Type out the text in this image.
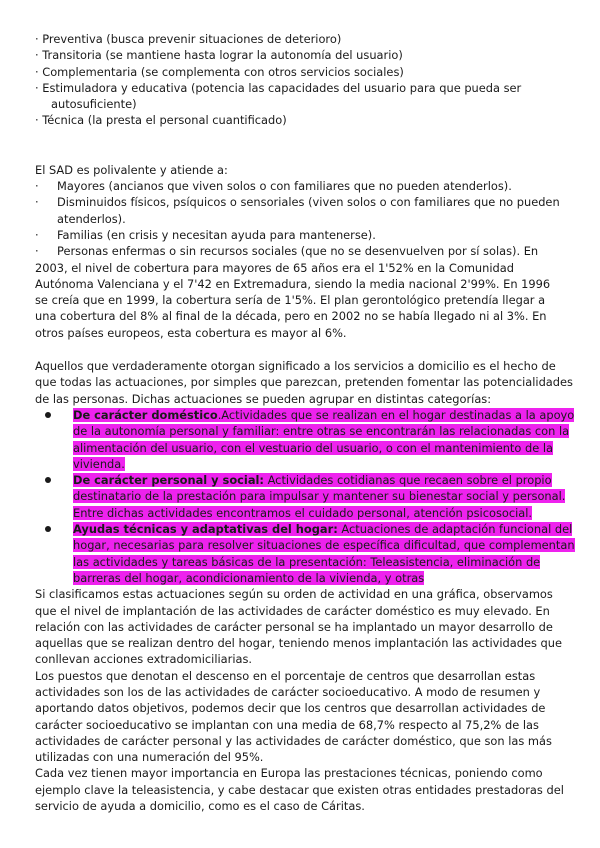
· Preventiva (busca prevenir situaciones de deterioro)
· Transitoria (se mantiene hasta lograr la autonomía del usuario)
· Complementaria (se complementa con otros servicios sociales)
· Estimuladora y educativa (potencia las capacidades del usuario para que pueda ser
autosuficiente)
· Técnica (la presta el personal cuantificado)
El SAD es polivalente y atiende a:
· Mayores (ancianos que viven solos o con familiares que no pueden atenderlos).
· Disminuidos físicos, psíquicos o sensoriales (viven solos o con familiares que no pueden
atenderlos).
· Familias (en crisis y necesitan ayuda para mantenerse).
· Personas enfermas o sin recursos sociales (que no se desenvuelven por sí solas). En
2003, el nivel de cobertura para mayores de 65 años era el 1'52% en la Comunidad
Autónoma Valenciana y el 7'42 en Extremadura, siendo la media nacional 2'99%. En 1996
se creía que en 1999, la cobertura sería de 1'5%. El plan gerontológico pretendía llegar a
una cobertura del 8% al final de la década, pero en 2002 no se había llegado ni al 3%. En
otros países europeos, esta cobertura es mayor al 6%.
Aquellos que verdaderamente otorgan significado a los servicios a domicilio es el hecho de
que todas las actuaciones, por simples que parezcan, pretenden fomentar las potencialidades
de las personas. Dichas actuaciones se pueden agrupar en distintas categorías:
De carácter doméstico.Actividades que se realizan en el hogar destinadas a la apoyo
de la autonomía personal y familiar: entre otras se encontrarán las relacionadas con la
alimentación del usuario, con el vestuario del usuario, o con el mantenimiento de la
vivienda.
De carácter personal y social: Actividades cotidianas que recaen sobre el propio
destinatario de la prestación para impulsar y mantener su bienestar social y personal.
Entre dichas actividades encontramos el cuidado personal, atención psicosocial.
Ayudas técnicas y adaptativas del hogar: Actuaciones de adaptación funcional del
hogar, necesarias para resolver situaciones de específica dificultad, que complementan
las actividades y tareas básicas de la presentación: Teleasistencia, eliminación de
barreras del hogar, acondicionamiento de la vivienda, y otras
Si clasificamos estas actuaciones según su orden de actividad en una gráfica, observamos
que el nivel de implantación de las actividades de carácter doméstico es muy elevado. En
relación con las actividades de carácter personal se ha implantado un mayor desarrollo de
aquellas que se realizan dentro del hogar, teniendo menos implantación las actividades que
conllevan acciones extradomiciliarias.
Los puestos que denotan el descenso en el porcentaje de centros que desarrollan estas
actividades son los de las actividades de carácter socioeducativo. A modo de resumen y
aportando datos objetivos, podemos decir que los centros que desarrollan actividades de
carácter socioeducativo se implantan con una media de 68,7% respecto al 75,2% de las
actividades de carácter personal y las actividades de carácter doméstico, que son las más
utilizadas con una numeración del 95%.
Cada vez tienen mayor importancia en Europa las prestaciones técnicas, poniendo como
ejemplo clave la teleasistencia, y cabe destacar que existen otras entidades prestadoras del
servicio de ayuda a domicilio, como es el caso de Cáritas.
